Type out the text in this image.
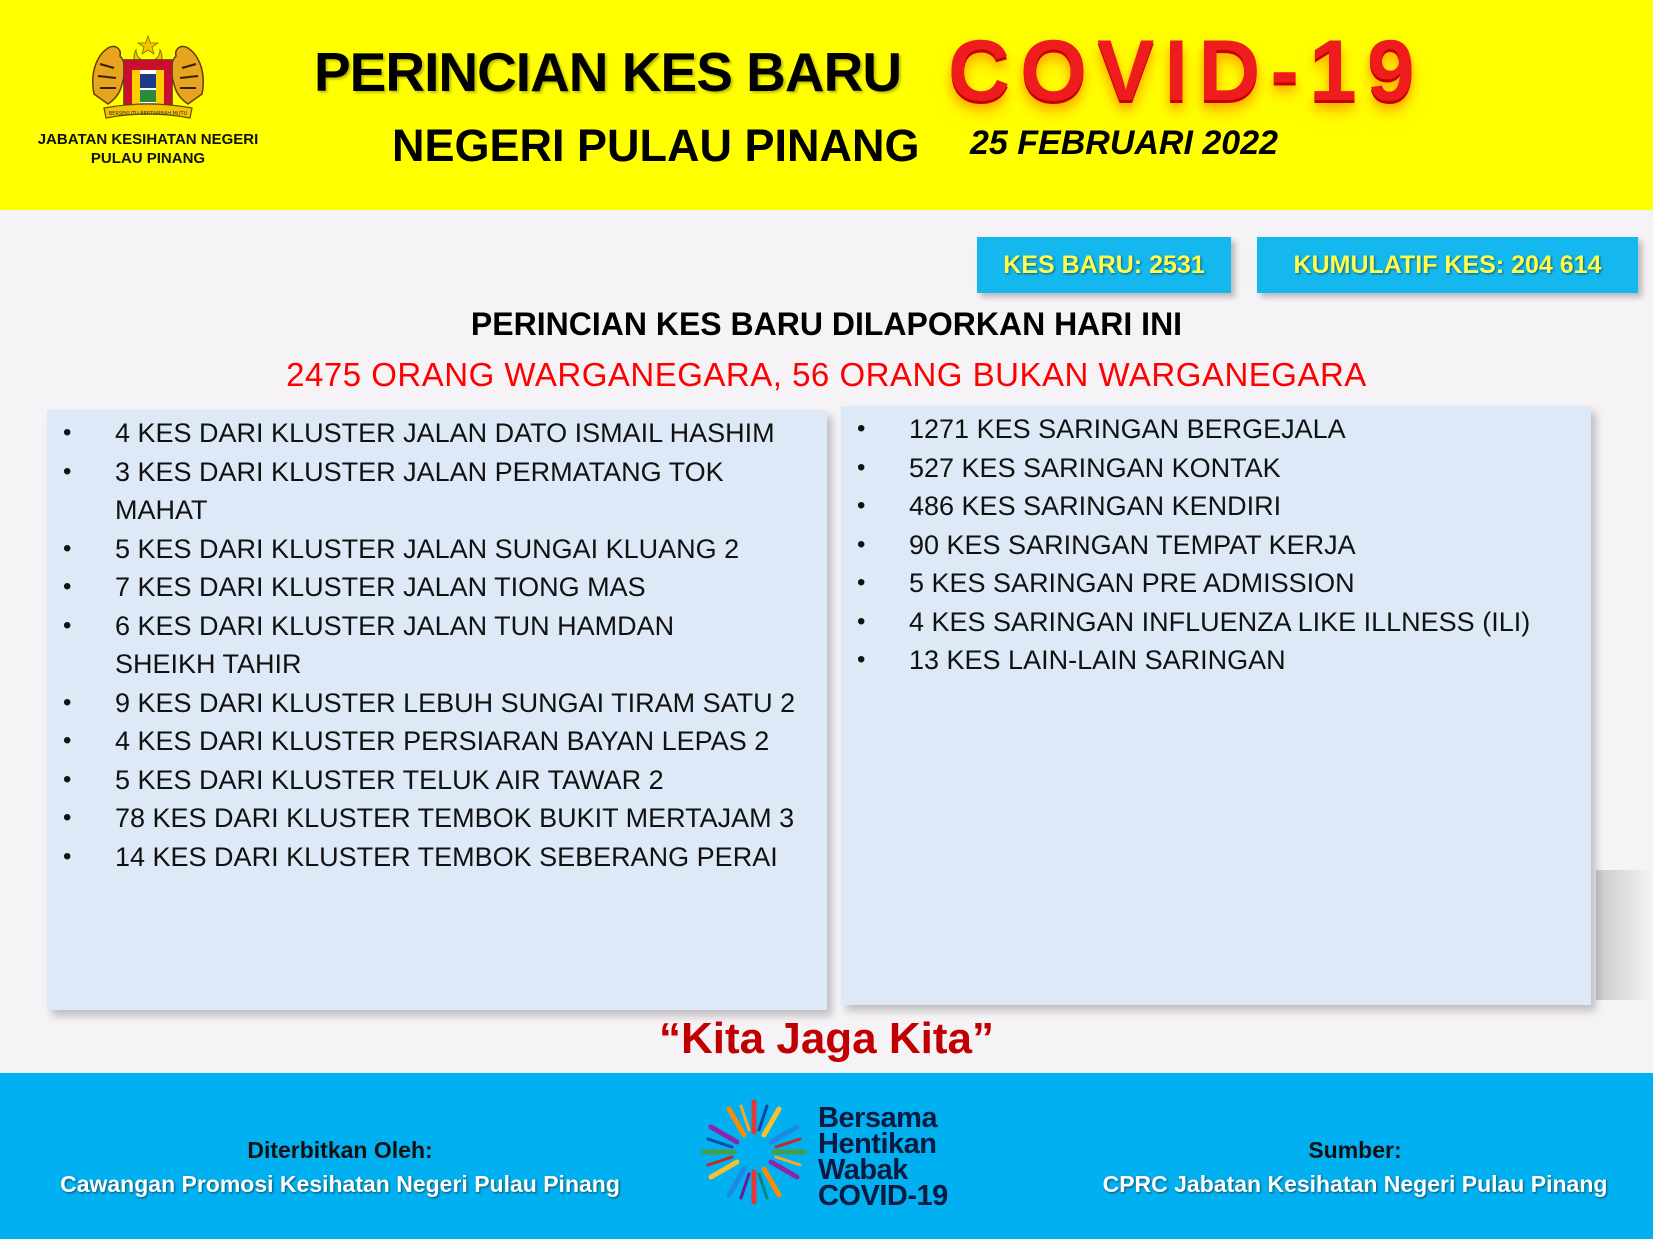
BERSEKUTU BERTAMBAH MUTU
JABATAN KESIHATAN NEGERI
PULAU PINANG
PERINCIAN KES BARU COVID-19
NEGERI PULAU PINANG 25 FEBRUARI 2022
KES BARU: 2531	KUMULATIF KES: 204 614
PERINCIAN KES BARU DILAPORKAN HARI INI
2475 ORANG WARGANEGARA, 56 ORANG BUKAN WARGANEGARA
• 4 KES DARI KLUSTER JALAN DATO ISMAIL HASHIM
• 3 KES DARI KLUSTER JALAN PERMATANG TOK MAHAT
• 5 KES DARI KLUSTER JALAN SUNGAI KLUANG 2
• 7 KES DARI KLUSTER JALAN TIONG MAS
• 6 KES DARI KLUSTER JALAN TUN HAMDAN SHEIKH TAHIR
• 9 KES DARI KLUSTER LEBUH SUNGAI TIRAM SATU 2
• 4 KES DARI KLUSTER PERSIARAN BAYAN LEPAS 2
• 5 KES DARI KLUSTER TELUK AIR TAWAR 2
• 78 KES DARI KLUSTER TEMBOK BUKIT MERTAJAM 3
• 14 KES DARI KLUSTER TEMBOK SEBERANG PERAI
• 1271 KES SARINGAN BERGEJALA
• 527 KES SARINGAN KONTAK
• 486 KES SARINGAN KENDIRI
• 90 KES SARINGAN TEMPAT KERJA
• 5 KES SARINGAN PRE ADMISSION
• 4 KES SARINGAN INFLUENZA LIKE ILLNESS (ILI)
• 13 KES LAIN-LAIN SARINGAN
“Kita Jaga Kita”
Diterbitkan Oleh:
Cawangan Promosi Kesihatan Negeri Pulau Pinang
Bersama
Hentikan
Wabak
COVID-19
Sumber:
CPRC Jabatan Kesihatan Negeri Pulau Pinang
